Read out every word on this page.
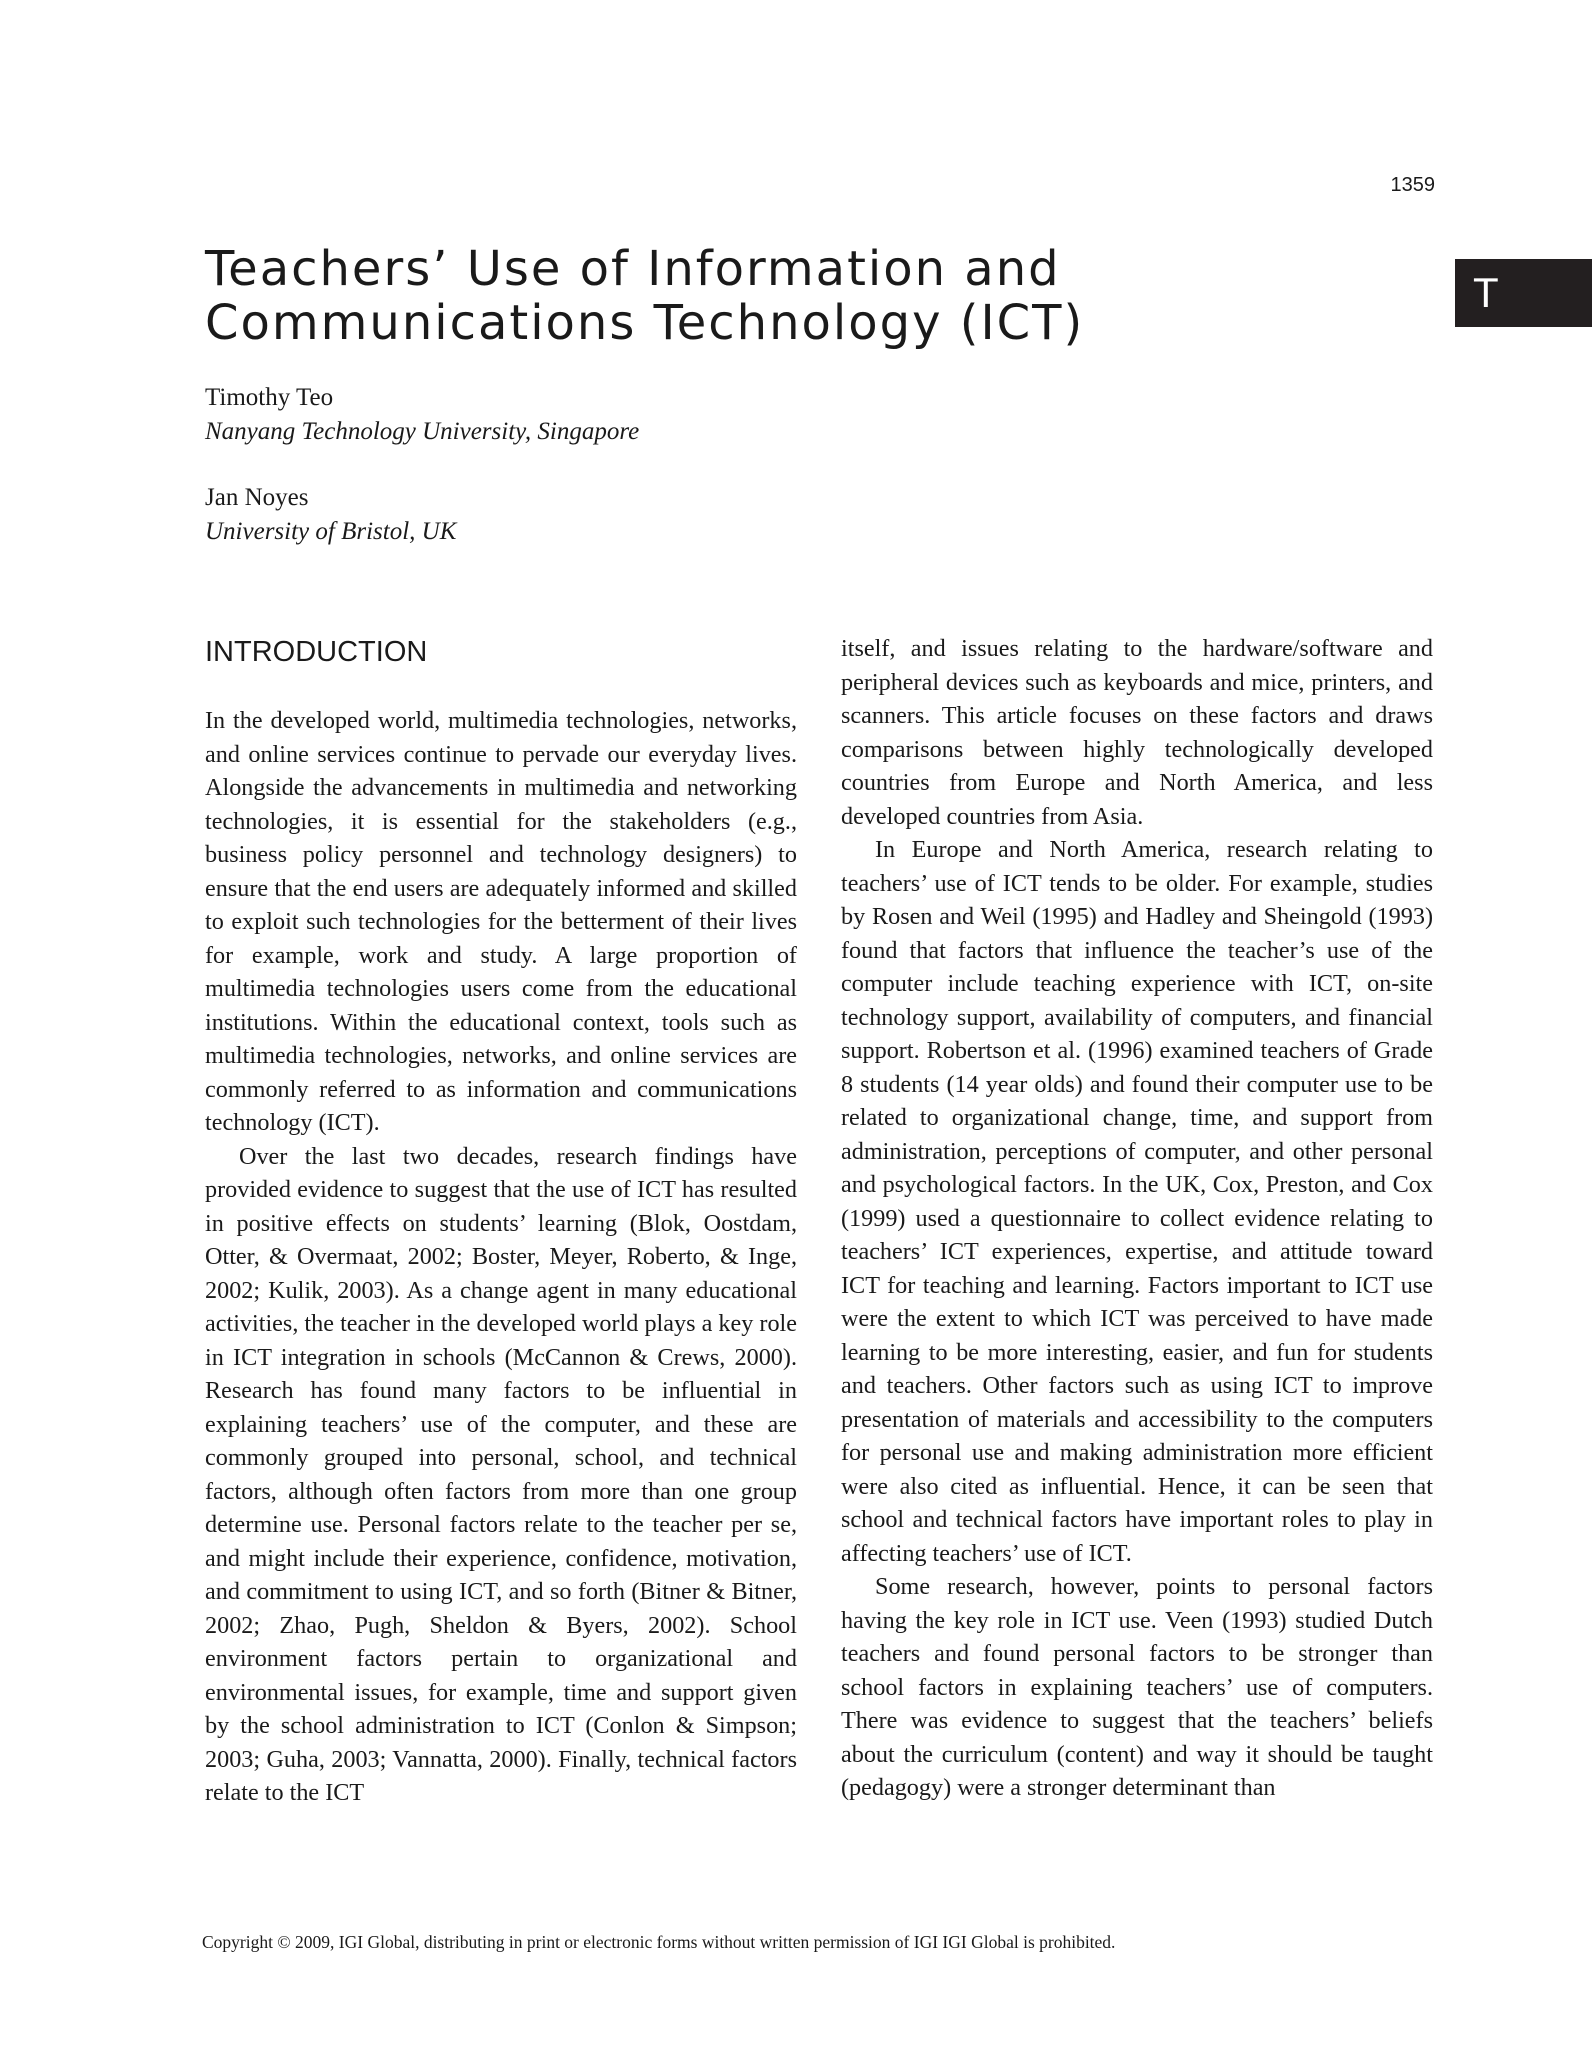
1359
T
Teachers’ Use of Information and
Communications Technology (ICT)
Timothy Teo
Nanyang Technology University, Singapore
Jan Noyes
University of Bristol, UK
INTRODUCTION

In the developed world, multimedia technologies, networks, and online services continue to pervade our everyday lives. Alongside the advancements in multimedia and networking technologies, it is essential for the stakeholders (e.g., business policy personnel and technology designers) to ensure that the end users are adequately informed and skilled to exploit such technologies for the betterment of their lives for example, work and study. A large proportion of multimedia technologies users come from the educational institutions. Within the educational context, tools such as multimedia technologies, networks, and online services are commonly referred to as information and communications technology (ICT).

Over the last two decades, research findings have provided evidence to suggest that the use of ICT has resulted in positive effects on students’ learning (Blok, Oostdam, Otter, & Overmaat, 2002; Boster, Meyer, Roberto, & Inge, 2002; Kulik, 2003). As a change agent in many educational activities, the teacher in the developed world plays a key role in ICT integration in schools (McCannon & Crews, 2000). Research has found many factors to be influential in explaining teachers’ use of the computer, and these are commonly grouped into personal, school, and technical factors, although often factors from more than one group determine use. Personal factors relate to the teacher per se, and might include their experience, confidence, motivation, and commitment to using ICT, and so forth (Bitner & Bitner, 2002; Zhao, Pugh, Sheldon & Byers, 2002). School environment factors pertain to organizational and environmental issues, for example, time and support given by the school administration to ICT (Conlon & Simpson; 2003; Guha, 2003; Vannatta, 2000). Finally, technical factors relate to the ICT

itself, and issues relating to the hardware/software and peripheral devices such as keyboards and mice, printers, and scanners. This article focuses on these factors and draws comparisons between highly technologically developed countries from Europe and North America, and less developed countries from Asia.

In Europe and North America, research relating to teachers’ use of ICT tends to be older. For example, studies by Rosen and Weil (1995) and Hadley and Sheingold (1993) found that factors that influence the teacher’s use of the computer include teaching experience with ICT, on-site technology support, availability of computers, and financial support. Robertson et al. (1996) examined teachers of Grade 8 students (14 year olds) and found their computer use to be related to organizational change, time, and support from administration, perceptions of computer, and other personal and psychological factors. In the UK, Cox, Preston, and Cox (1999) used a questionnaire to collect evidence relating to teachers’ ICT experiences, expertise, and attitude toward ICT for teaching and learning. Factors important to ICT use were the extent to which ICT was perceived to have made learning to be more interesting, easier, and fun for students and teachers. Other factors such as using ICT to improve presentation of materials and accessibility to the computers for personal use and making administration more efficient were also cited as influential. Hence, it can be seen that school and technical factors have important roles to play in affecting teachers’ use of ICT.

Some research, however, points to personal factors having the key role in ICT use. Veen (1993) studied Dutch teachers and found personal factors to be stronger than school factors in explaining teachers’ use of computers. There was evidence to suggest that the teachers’ beliefs about the curriculum (content) and way it should be taught (pedagogy) were a stronger determinant than

Copyright © 2009, IGI Global, distributing in print or electronic forms without written permission of IGI IGI Global is prohibited.
